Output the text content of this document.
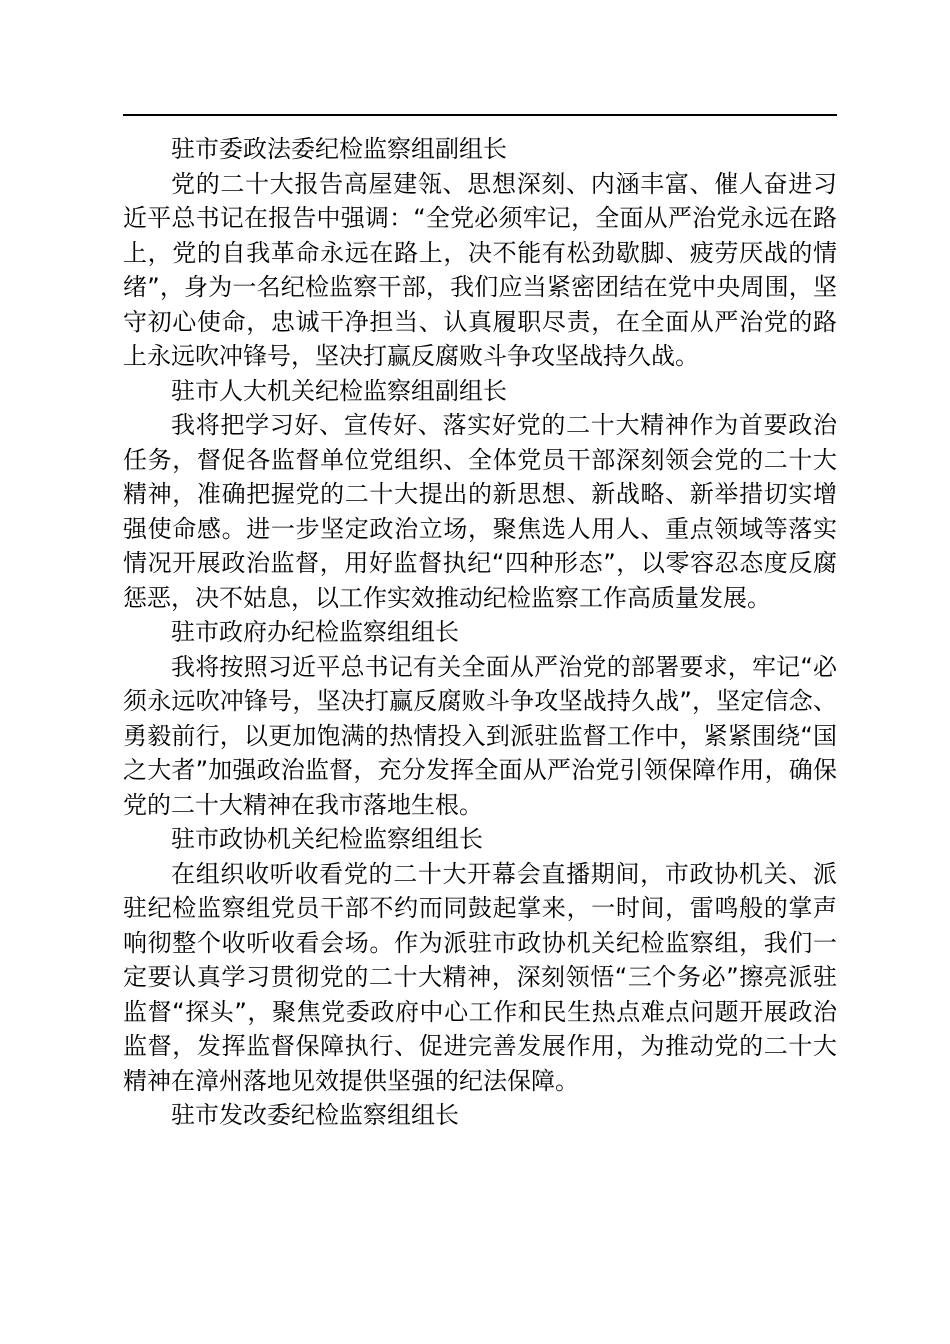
驻市委政法委纪检监察组副组长

党的二十大报告高屋建瓴、思想深刻、内涵丰富、催人奋进习近平总书记在报告中强调：“全党必须牢记，全面从严治党永远在路上，党的自我革命永远在路上，决不能有松劲歇脚、疲劳厌战的情绪”，身为一名纪检监察干部，我们应当紧密团结在党中央周围，坚守初心使命，忠诚干净担当、认真履职尽责，在全面从严治党的路上永远吹冲锋号，坚决打赢反腐败斗争攻坚战持久战。

驻市人大机关纪检监察组副组长

我将把学习好、宣传好、落实好党的二十大精神作为首要政治任务，督促各监督单位党组织、全体党员干部深刻领会党的二十大精神，准确把握党的二十大提出的新思想、新战略、新举措切实增强使命感。进一步坚定政治立场，聚焦选人用人、重点领域等落实情况开展政治监督，用好监督执纪“四种形态”，以零容忍态度反腐惩恶，决不姑息，以工作实效推动纪检监察工作高质量发展。

驻市政府办纪检监察组组长

我将按照习近平总书记有关全面从严治党的部署要求，牢记“必须永远吹冲锋号，坚决打赢反腐败斗争攻坚战持久战”，坚定信念、勇毅前行，以更加饱满的热情投入到派驻监督工作中，紧紧围绕“国之大者”加强政治监督，充分发挥全面从严治党引领保障作用，确保党的二十大精神在我市落地生根。

驻市政协机关纪检监察组组长

在组织收听收看党的二十大开幕会直播期间，市政协机关、派驻纪检监察组党员干部不约而同鼓起掌来，一时间，雷鸣般的掌声响彻整个收听收看会场。作为派驻市政协机关纪检监察组，我们一定要认真学习贯彻党的二十大精神，深刻领悟“三个务必”擦亮派驻监督“探头”，聚焦党委政府中心工作和民生热点难点问题开展政治监督，发挥监督保障执行、促进完善发展作用，为推动党的二十大精神在漳州落地见效提供坚强的纪法保障。

驻市发改委纪检监察组组长
